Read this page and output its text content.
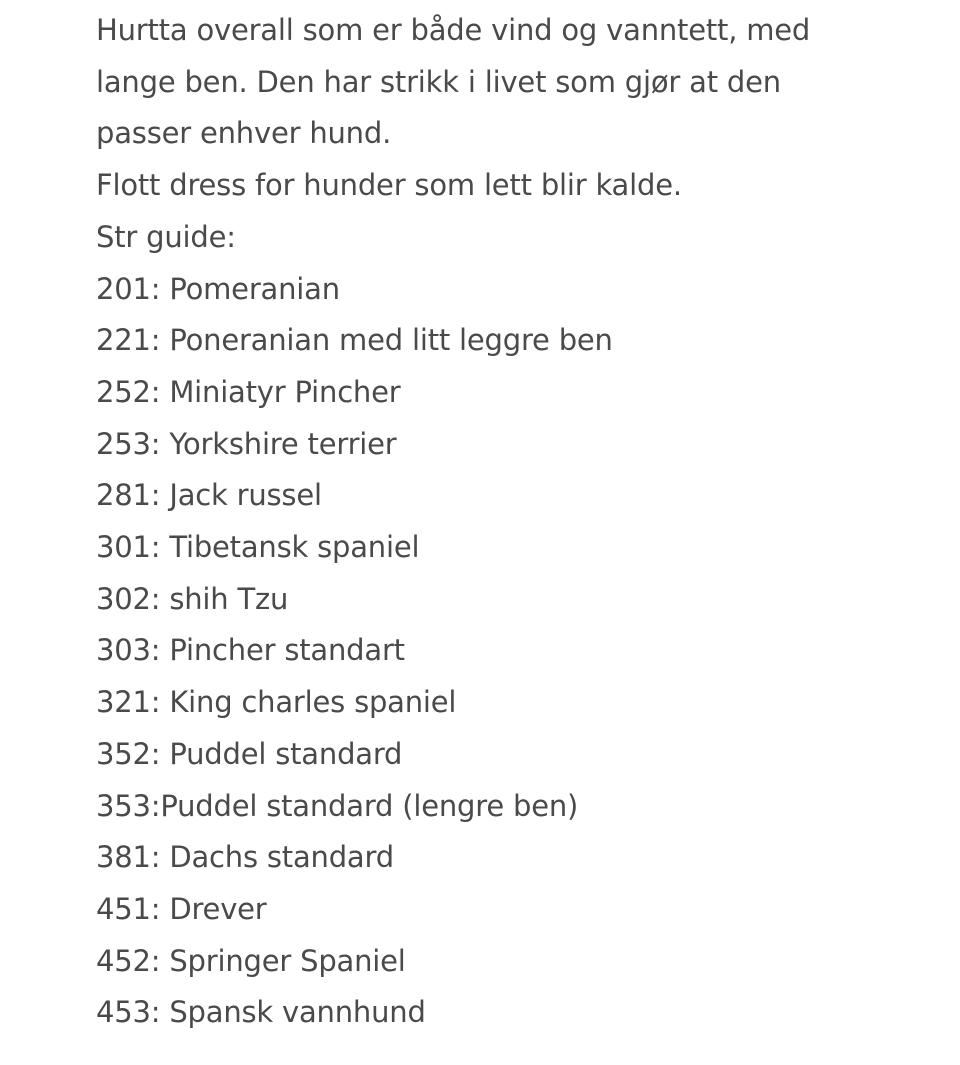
Hurtta overall som er både vind og vanntett, med
lange ben. Den har strikk i livet som gjør at den
passer enhver hund.
Flott dress for hunder som lett blir kalde.
Str guide:
201: Pomeranian
221: Poneranian med litt leggre ben
252: Miniatyr Pincher
253: Yorkshire terrier
281: Jack russel
301: Tibetansk spaniel
302: shih Tzu
303: Pincher standart
321: King charles spaniel
352: Puddel standard
353:Puddel standard (lengre ben)
381: Dachs standard
451: Drever
452: Springer Spaniel
453: Spansk vannhund
